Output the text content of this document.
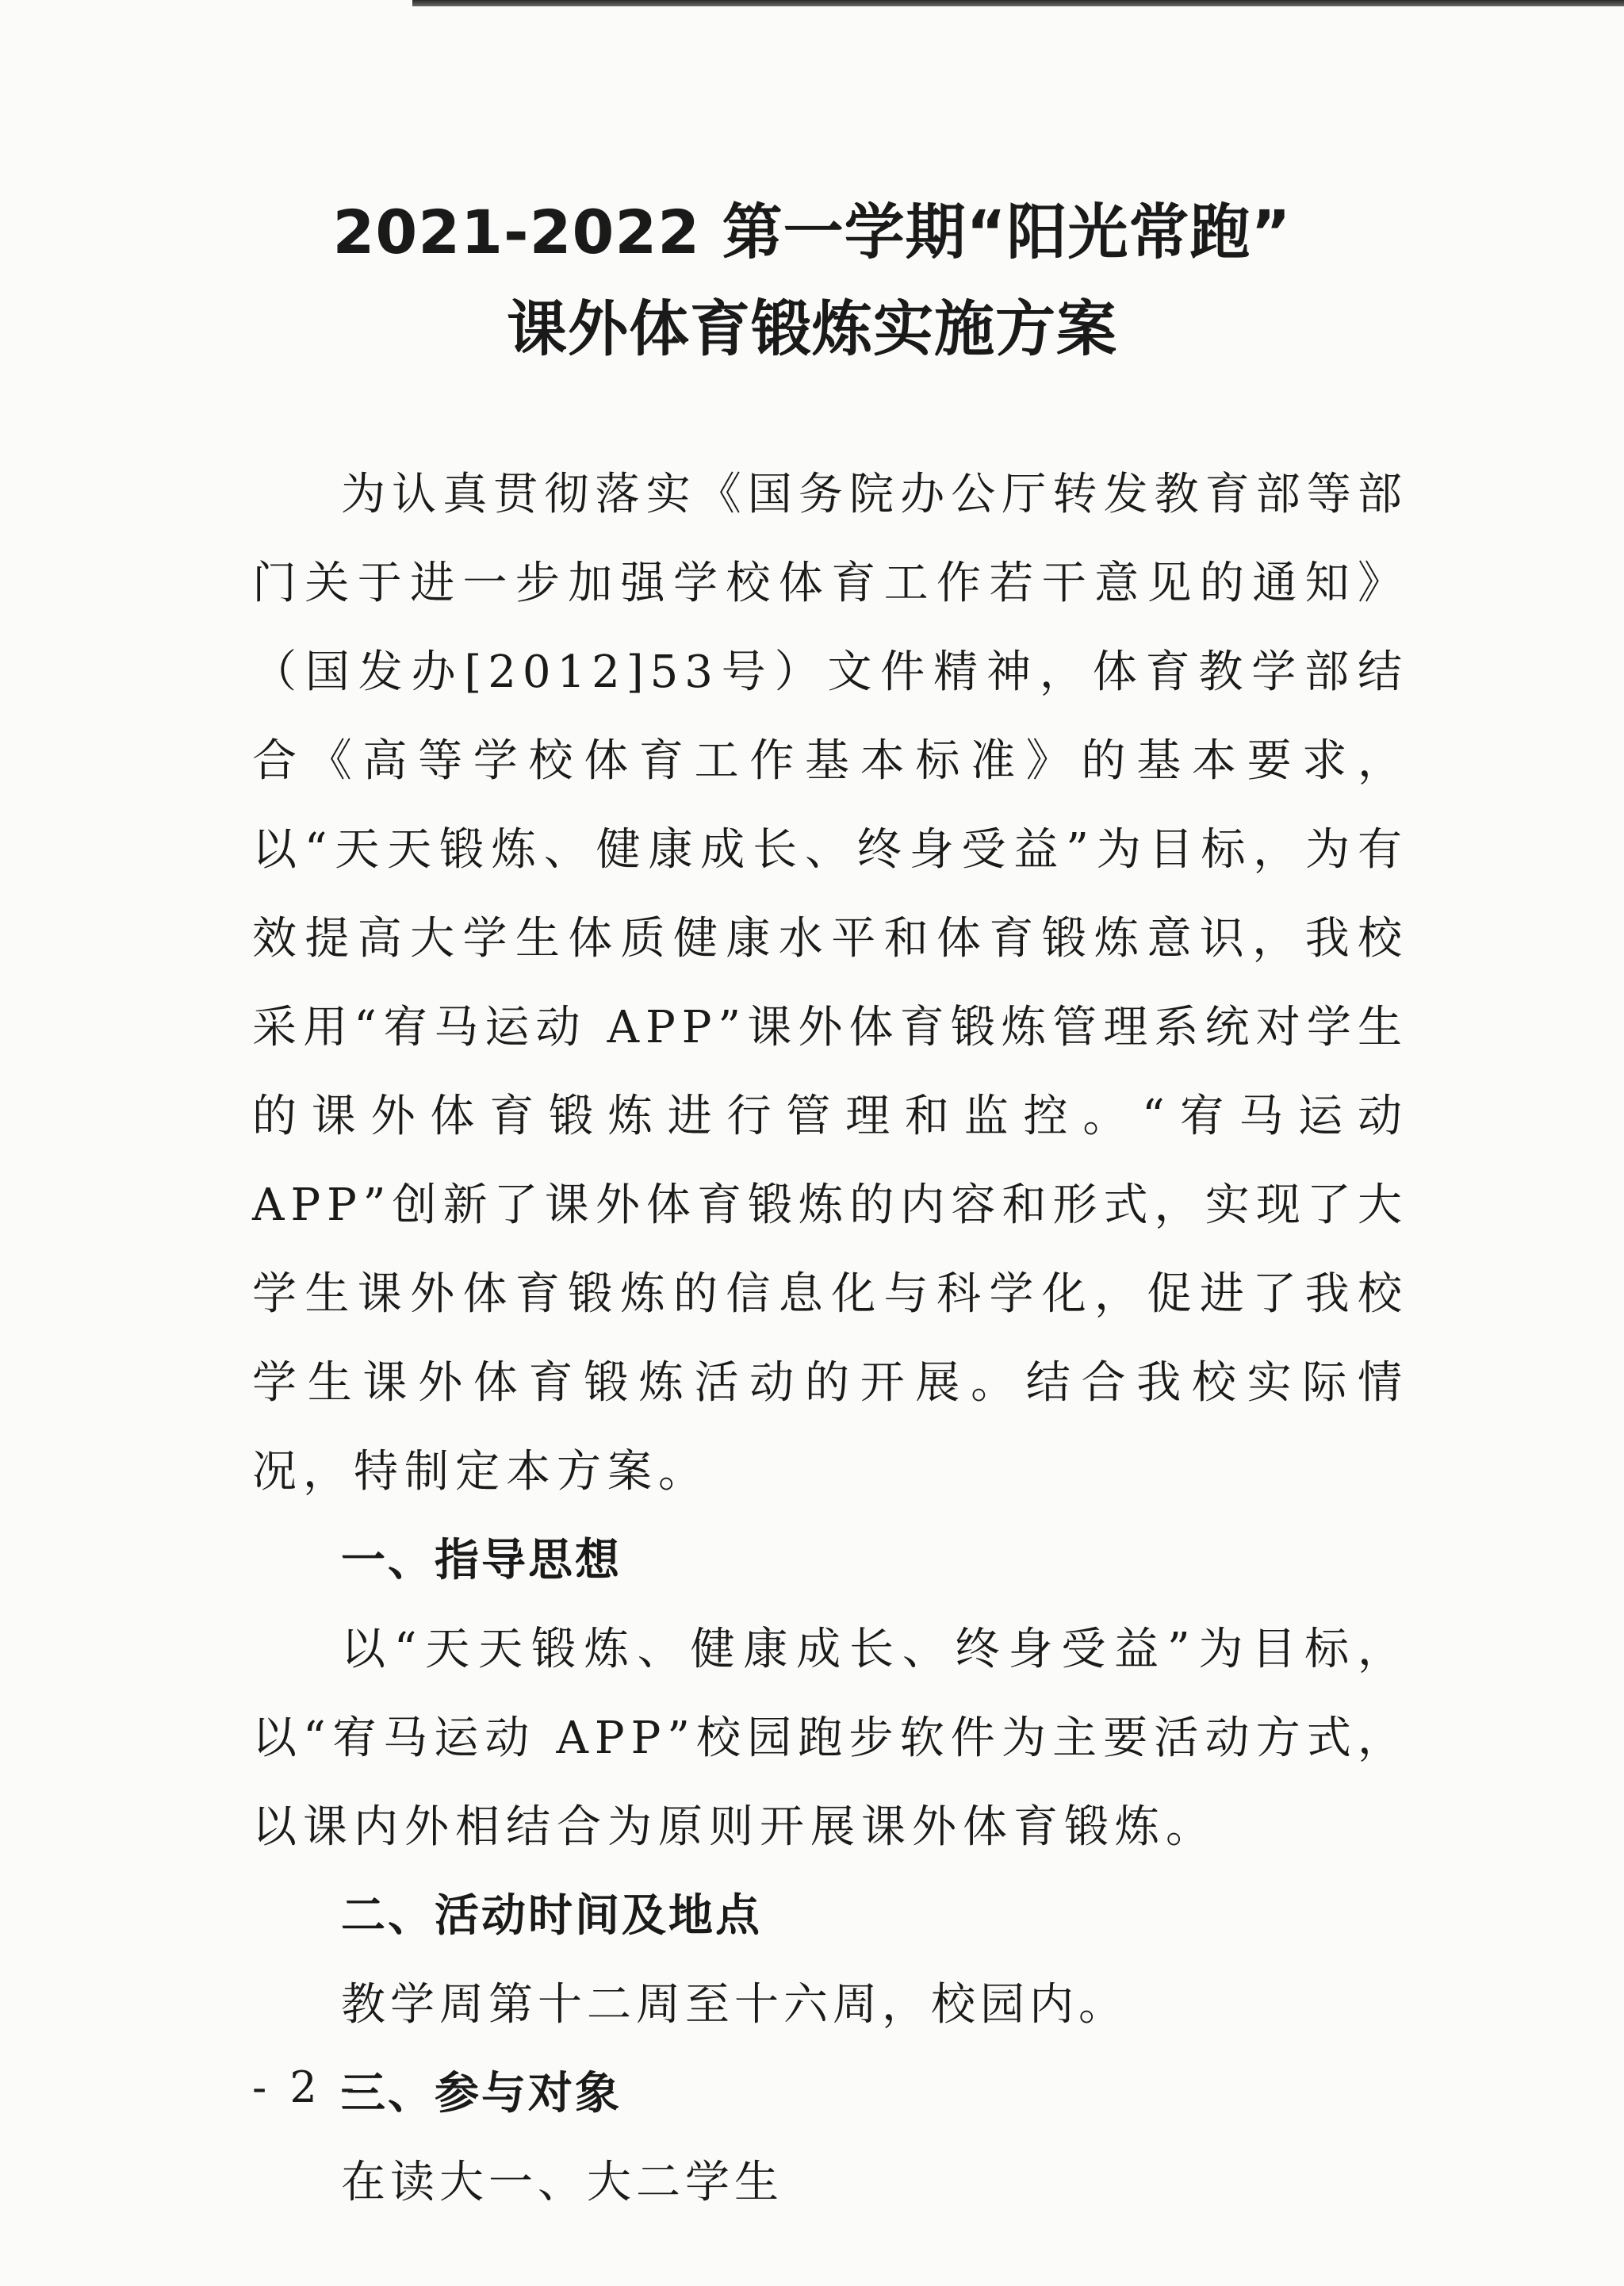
2021-2022 第一学期“阳光常跑”
课外体育锻炼实施方案

为认真贯彻落实《国务院办公厅转发教育部等部门关于进一步加强学校体育工作若干意见的通知》（国发办[2012]53号）文件精神，体育教学部结合《高等学校体育工作基本标准》的基本要求，以“天天锻炼、健康成长、终身受益”为目标，为有效提高大学生体质健康水平和体育锻炼意识，我校采用“宥马运动 APP”课外体育锻炼管理系统对学生的课外体育锻炼进行管理和监控。“宥马运动 APP”创新了课外体育锻炼的内容和形式，实现了大学生课外体育锻炼的信息化与科学化，促进了我校学生课外体育锻炼活动的开展。结合我校实际情况，特制定本方案。

一、指导思想

以“天天锻炼、健康成长、终身受益”为目标，以“宥马运动 APP”校园跑步软件为主要活动方式，以课内外相结合为原则开展课外体育锻炼。

二、活动时间及地点

教学周第十二周至十六周，校园内。

三、参与对象

在读大一、大二学生

- 2 -
